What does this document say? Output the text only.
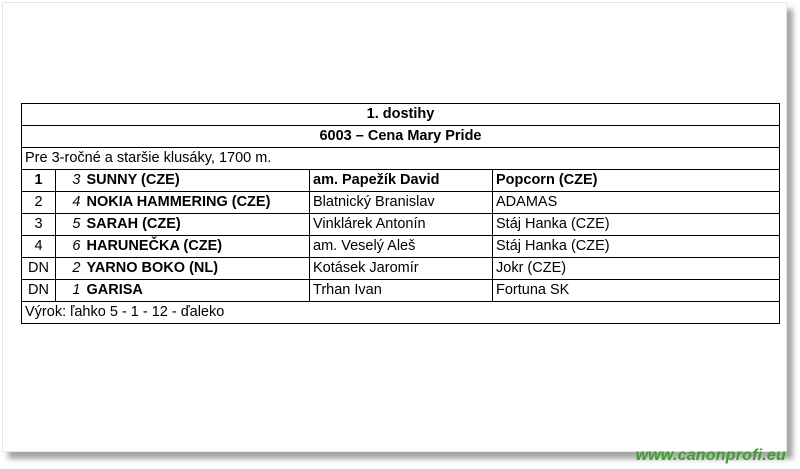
1. dostihy				
6003 – Cena Mary Pride				
Pre 3-ročné a staršie klusáky, 1700 m.				
1	3	SUNNY (CZE)	am. Papežík David	Popcorn (CZE)
2	4	NOKIA HAMMERING (CZE)	Blatnický Branislav	ADAMAS
3	5	SARAH (CZE)	Vinklárek Antonín	Stáj Hanka (CZE)
4	6	HARUNEČKA (CZE)	am. Veselý Aleš	Stáj Hanka (CZE)
DN	2	YARNO BOKO (NL)	Kotásek Jaromír	Jokr (CZE)
DN	1	GARISA	Trhan Ivan	Fortuna SK
Výrok: ľahko 5 - 1 - 12 - ďaleko				
www.canonprofi.eu
